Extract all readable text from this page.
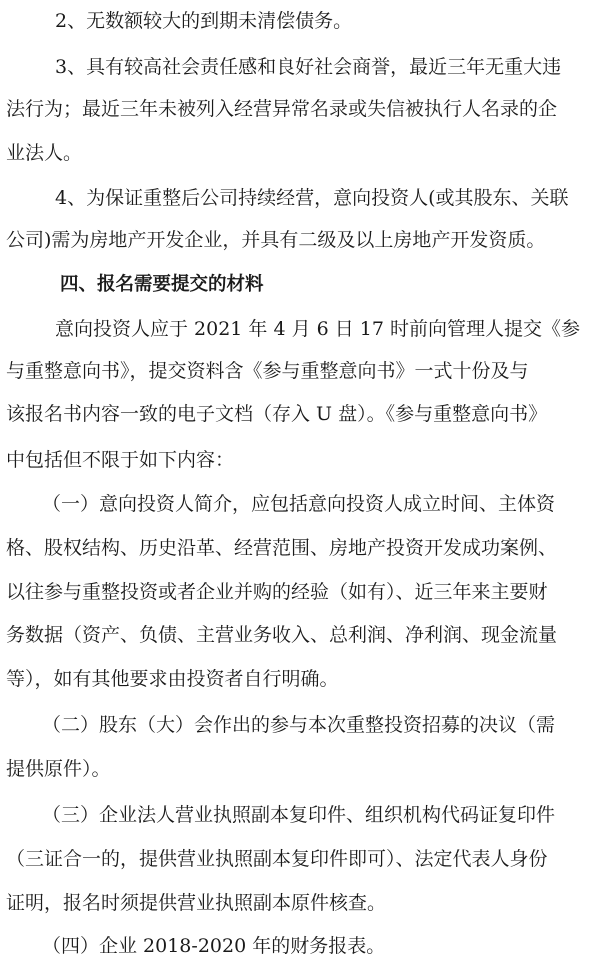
2、无数额较大的到期未清偿债务。
3、具有较高社会责任感和良好社会商誉，最近三年无重大违
法行为；最近三年未被列入经营异常名录或失信被执行人名录的企
业法人。
4、为保证重整后公司持续经营，意向投资人(或其股东、关联
公司)需为房地产开发企业，并具有二级及以上房地产开发资质。
四、报名需要提交的材料
意向投资人应于 2021 年 4 月 6 日 17 时前向管理人提交《参
与重整意向书》，提交资料含《参与重整意向书》一式十份及与
该报名书内容一致的电子文档（存入 U 盘）。《参与重整意向书》
中包括但不限于如下内容：
（一）意向投资人简介，应包括意向投资人成立时间、主体资
格、股权结构、历史沿革、经营范围、房地产投资开发成功案例、
以往参与重整投资或者企业并购的经验（如有）、近三年来主要财
务数据（资产、负债、主营业务收入、总利润、净利润、现金流量
等），如有其他要求由投资者自行明确。
（二）股东（大）会作出的参与本次重整投资招募的决议（需
提供原件）。
（三）企业法人营业执照副本复印件、组织机构代码证复印件
（三证合一的，提供营业执照副本复印件即可）、法定代表人身份
证明，报名时须提供营业执照副本原件核查。
（四）企业 2018-2020 年的财务报表。
